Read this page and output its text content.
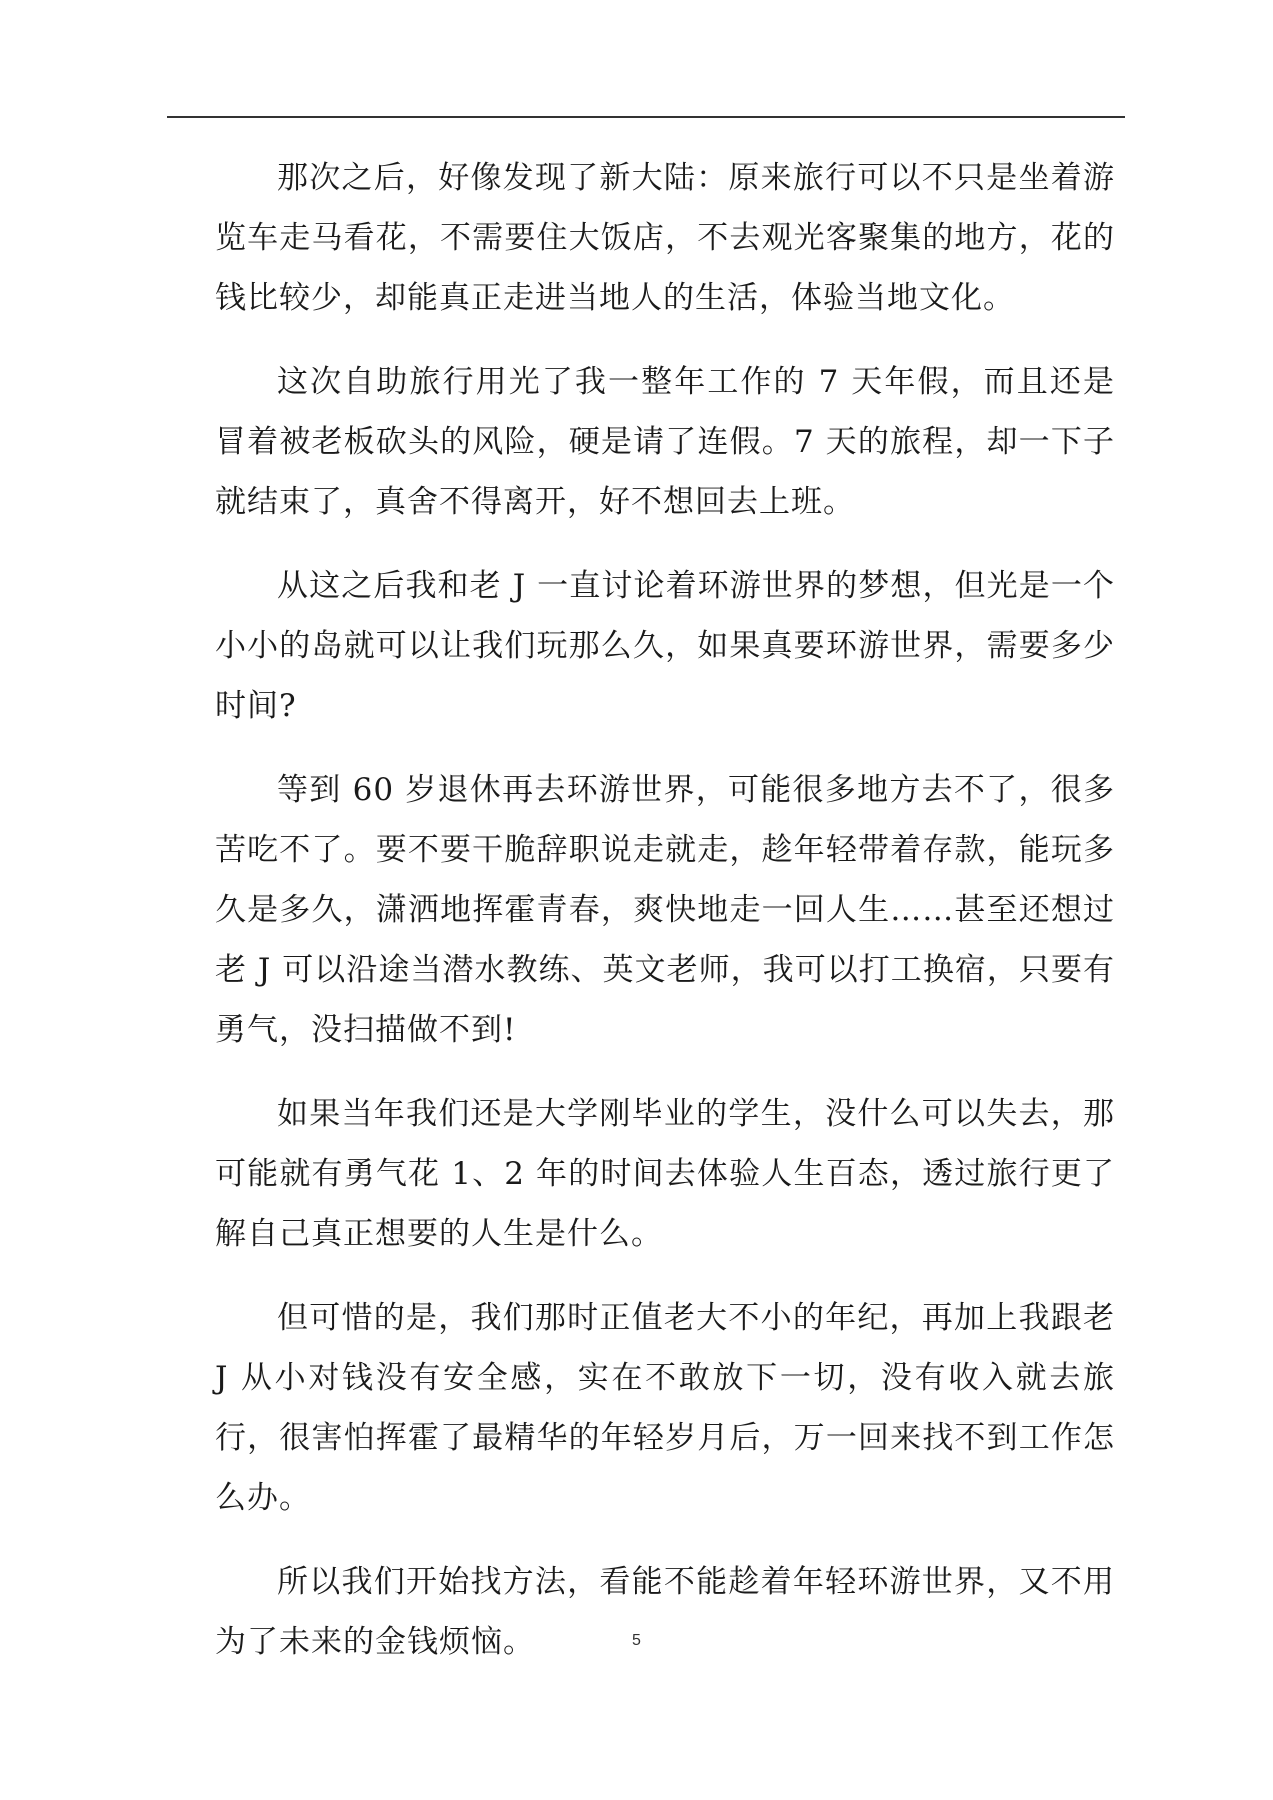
那次之后，好像发现了新大陆：原来旅行可以不只是坐着游览车走马看花，不需要住大饭店，不去观光客聚集的地方，花的钱比较少，却能真正走进当地人的生活，体验当地文化。

这次自助旅行用光了我一整年工作的 7 天年假，而且还是冒着被老板砍头的风险，硬是请了连假。7 天的旅程，却一下子就结束了，真舍不得离开，好不想回去上班。

从这之后我和老 J 一直讨论着环游世界的梦想，但光是一个小小的岛就可以让我们玩那么久，如果真要环游世界，需要多少时间?

等到 60 岁退休再去环游世界，可能很多地方去不了，很多苦吃不了。要不要干脆辞职说走就走，趁年轻带着存款，能玩多久是多久，潇洒地挥霍青春，爽快地走一回人生……甚至还想过老 J 可以沿途当潜水教练、英文老师，我可以打工换宿，只要有勇气，没扫描做不到!

如果当年我们还是大学刚毕业的学生，没什么可以失去，那可能就有勇气花 1、2 年的时间去体验人生百态，透过旅行更了解自己真正想要的人生是什么。

但可惜的是，我们那时正值老大不小的年纪，再加上我跟老 J 从小对钱没有安全感，实在不敢放下一切，没有收入就去旅行，很害怕挥霍了最精华的年轻岁月后，万一回来找不到工作怎么办。

所以我们开始找方法，看能不能趁着年轻环游世界，又不用为了未来的金钱烦恼。	5
